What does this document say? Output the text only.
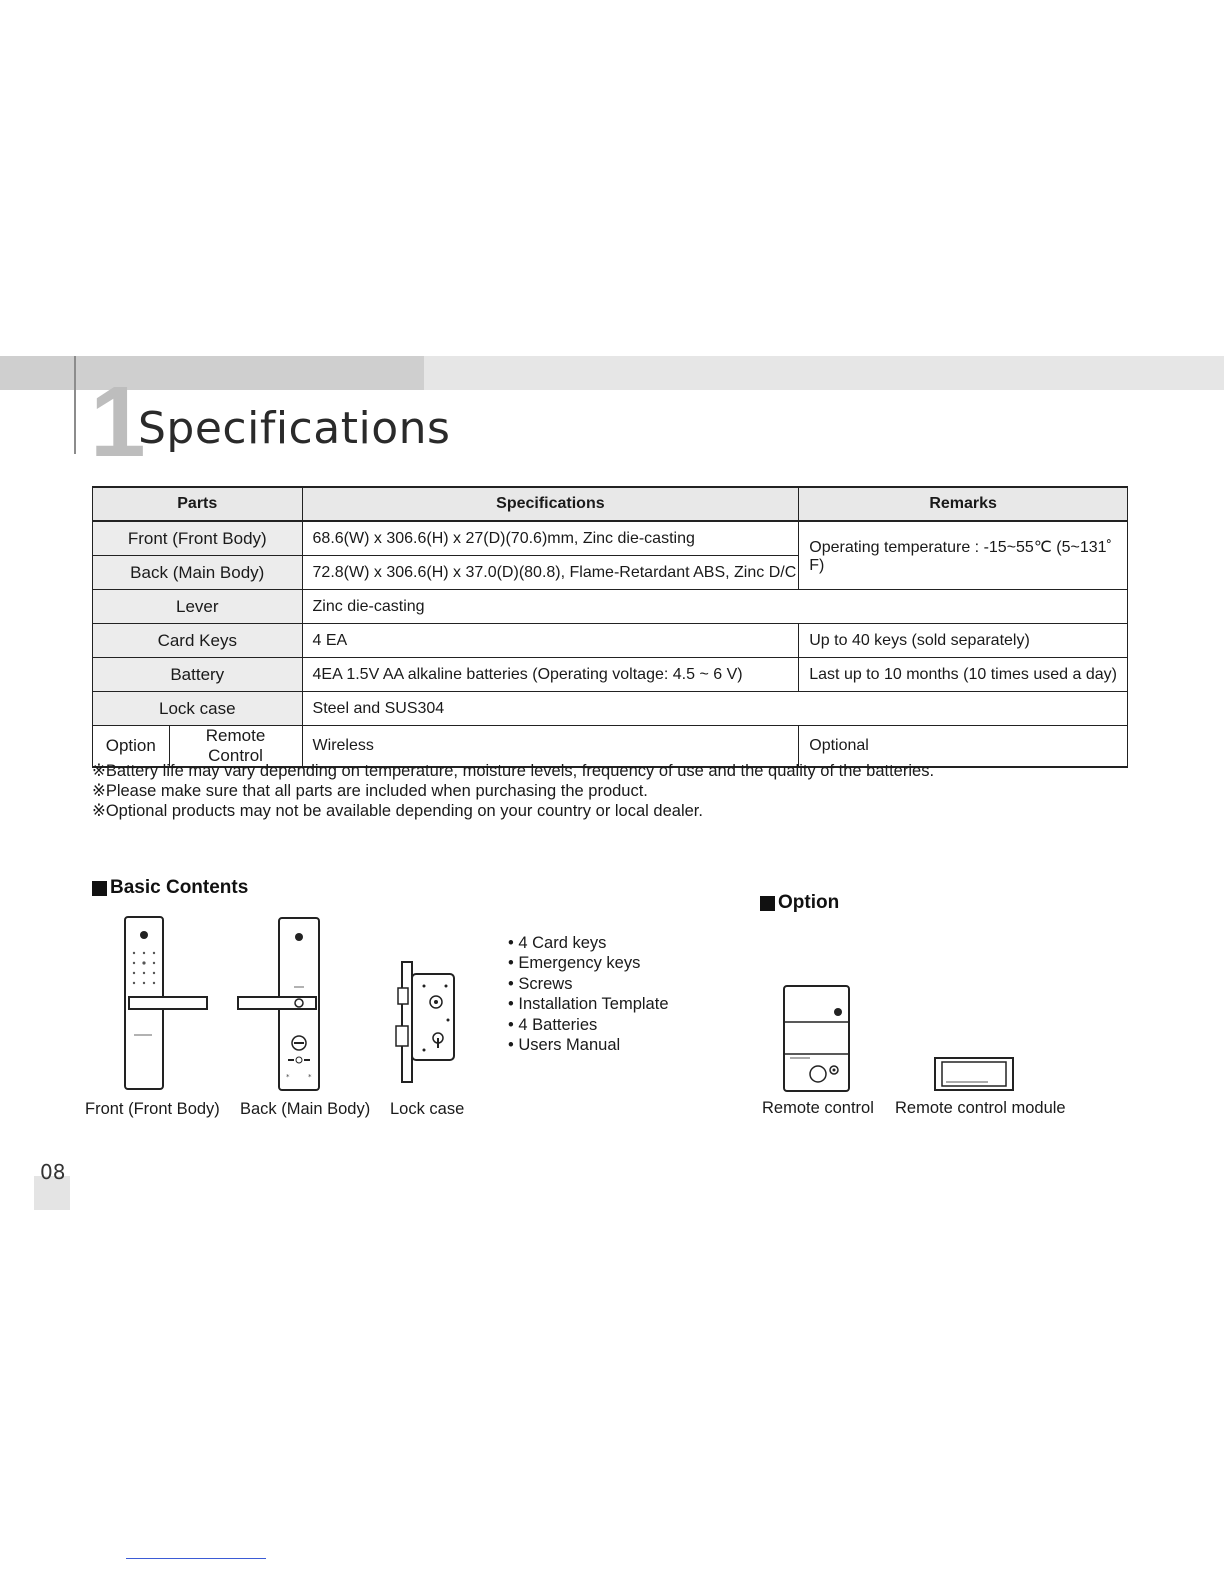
1
Specifications
Parts		Specifications	Remarks
Front (Front Body)		68.6(W) x 306.6(H) x 27(D)(70.6)mm, Zinc die-casting	Operating temperature : -15~55℃ (5~131˚ F)
Back (Main Body)		72.8(W) x 306.6(H) x 37.0(D)(80.8), Flame-Retardant ABS, Zinc D/C	
Lever		Zinc die-casting	
Card Keys		4 EA	Up to 40 keys (sold separately)
Battery		4EA 1.5V AA alkaline batteries (Operating voltage: 4.5 ~ 6 V)	Last up to 10 months (10 times used a day)
Lock case		Steel and SUS304	
Option	Remote Control	Wireless	Optional
※Battery life may vary depending on temperature, moisture levels, frequency of use and the quality of the batteries.
※Please make sure that all parts are included when purchasing the product.
※Optional products may not be available depending on your country or local dealer.
Basic Contents
*	*
Front (Front Body) Back (Main Body) Lock case
• 4 Card keys
• Emergency keys
• Screws
• Installation Template
• 4 Batteries
• Users Manual
Option
Remote control Remote control module
08
